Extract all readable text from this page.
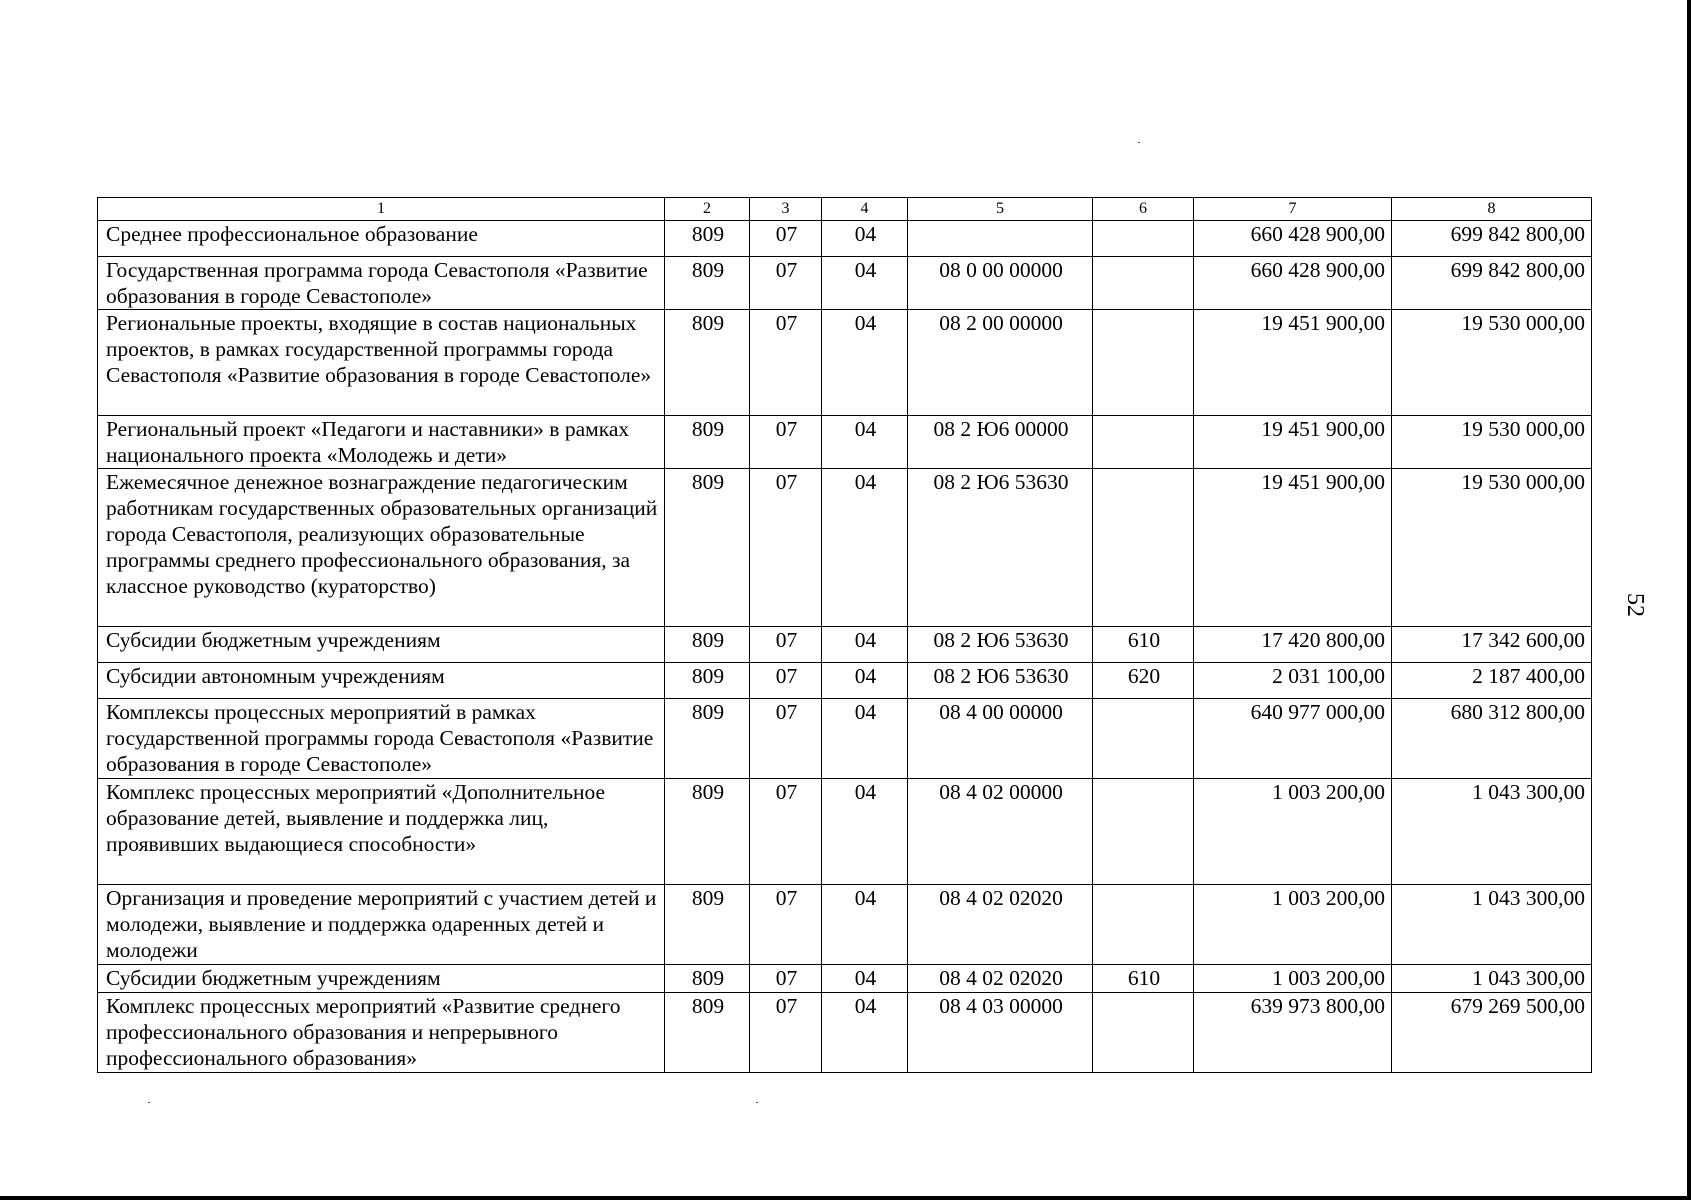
52
1	2	3	4	5	6	7	8
Среднее профессиональное образование	809	07	04			660 428 900,00	699 842 800,00
Государственная программа города Севастополя «Развитие образования в городе Севастополе»	809	07	04	08 0 00 00000		660 428 900,00	699 842 800,00
Региональные проекты, входящие в состав национальных проектов, в рамках государственной программы города Севастополя «Развитие образования в городе Севастополе»	809	07	04	08 2 00 00000		19 451 900,00	19 530 000,00
Региональный проект «Педагоги и наставники» в рамках национального проекта «Молодежь и дети»	809	07	04	08 2 Ю6 00000		19 451 900,00	19 530 000,00
Ежемесячное денежное вознаграждение педагогическим работникам государственных образовательных организаций города Севастополя, реализующих образовательные программы среднего профессионального образования, за классное руководство (кураторство)	809	07	04	08 2 Ю6 53630		19 451 900,00	19 530 000,00
Субсидии бюджетным учреждениям	809	07	04	08 2 Ю6 53630	610	17 420 800,00	17 342 600,00
Субсидии автономным учреждениям	809	07	04	08 2 Ю6 53630	620	2 031 100,00	2 187 400,00
Комплексы процессных мероприятий в рамках государственной программы города Севастополя «Развитие образования в городе Севастополе»	809	07	04	08 4 00 00000		640 977 000,00	680 312 800,00
Комплекс процессных мероприятий «Дополнительное образование детей, выявление и поддержка лиц, проявивших выдающиеся способности»	809	07	04	08 4 02 00000		1 003 200,00	1 043 300,00
Организация и проведение мероприятий с участием детей и молодежи, выявление и поддержка одаренных детей и молодежи	809	07	04	08 4 02 02020		1 003 200,00	1 043 300,00
Субсидии бюджетным учреждениям	809	07	04	08 4 02 02020	610	1 003 200,00	1 043 300,00
Комплекс процессных мероприятий «Развитие среднего профессионального образования и непрерывного профессионального образования»	809	07	04	08 4 03 00000		639 973 800,00	679 269 500,00
